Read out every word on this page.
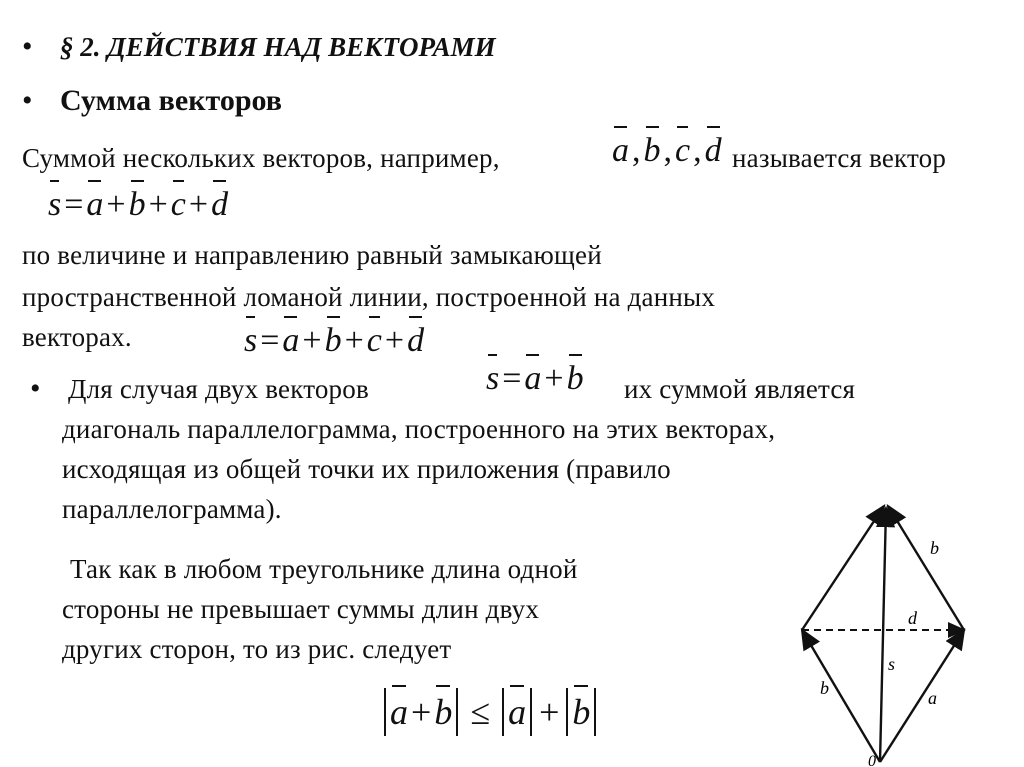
• § 2. ДЕЙСТВИЯ НАД ВЕКТОРАМИ
• Сумма векторов
Суммой нескольких векторов, например,	a,b,c,d называется вектор
s=a+b+c+d
по величине и направлению равный замыкающей
пространственной ломаной линии, построенной на данных
векторах.	s=a+b+c+d
• Для случая двух векторов	s=a+b их суммой является
диагональ параллелограмма, построенного на этих векторах,
исходящая из общей точки их приложения (правило
параллелограмма).
Так как в любом треугольнике длина одной
стороны не превышает суммы длин двух
других сторон, то из рис. следует
a + b ≤ a + b
b
d
s
b	a
0
